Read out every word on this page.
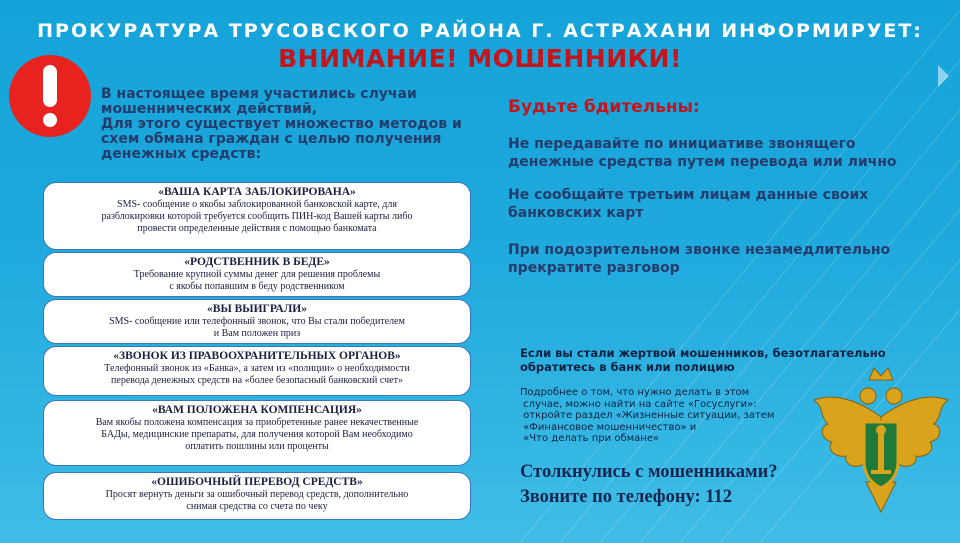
ПРОКУРАТУРА ТРУСОВСКОГО РАЙОНА Г. АСТРАХАНИ ИНФОРМИРУЕТ:
ВНИМАНИЕ! МОШЕННИКИ!
В настоящее время участились случаи
мошеннических действий,
Для этого существует множество методов и
схем обмана граждан с целью получения
денежных средств:
«ВАША КАРТА ЗАБЛОКИРОВАНА»
SMS- сообщение о якобы заблокированной банковской карте, для
разблокировки которой требуется сообщить ПИН-код Вашей карты либо
провести определенные действия с помощью банкомата
«РОДСТВЕННИК В БЕДЕ»
Требование крупной суммы денег для решения проблемы
с якобы попавшим в беду родственником
«ВЫ ВЫИГРАЛИ»
SMS- сообщение или телефонный звонок, что Вы стали победителем
и Вам положен приз
«ЗВОНОК ИЗ ПРАВООХРАНИТЕЛЬНЫХ ОРГАНОВ»
Телефонный звонок из «Банка», а затем из «полиции» о необходимости
перевода денежных средств на «более безопасный банковский счет»
«ВАМ ПОЛОЖЕНА КОМПЕНСАЦИЯ»
Вам якобы положена компенсация за приобретенные ранее некачественные
БАДы, медицинские препараты, для получения которой Вам необходимо
оплатить пошлины или проценты
«ОШИБОЧНЫЙ ПЕРЕВОД СРЕДСТВ»
Просят вернуть деньги за ошибочный перевод средств, дополнительно
снимая средства со счета по чеку
Будьте бдительны:
Не передавайте по инициативе звонящего
денежные средства путем перевода или лично
Не сообщайте третьим лицам данные своих
банковских карт
При подозрительном звонке незамедлительно
прекратите разговор
Если вы стали жертвой мошенников, безотлагательно
обратитесь в банк или полицию
Подробнее о том, что нужно делать в этом
случае, можно найти на сайте «Госуслуги»:
откройте раздел «Жизненные ситуации, затем
«Финансовое мошенничество» и
«Что делать при обмане»
Столкнулись с мошенниками?
Звоните по телефону: 112
